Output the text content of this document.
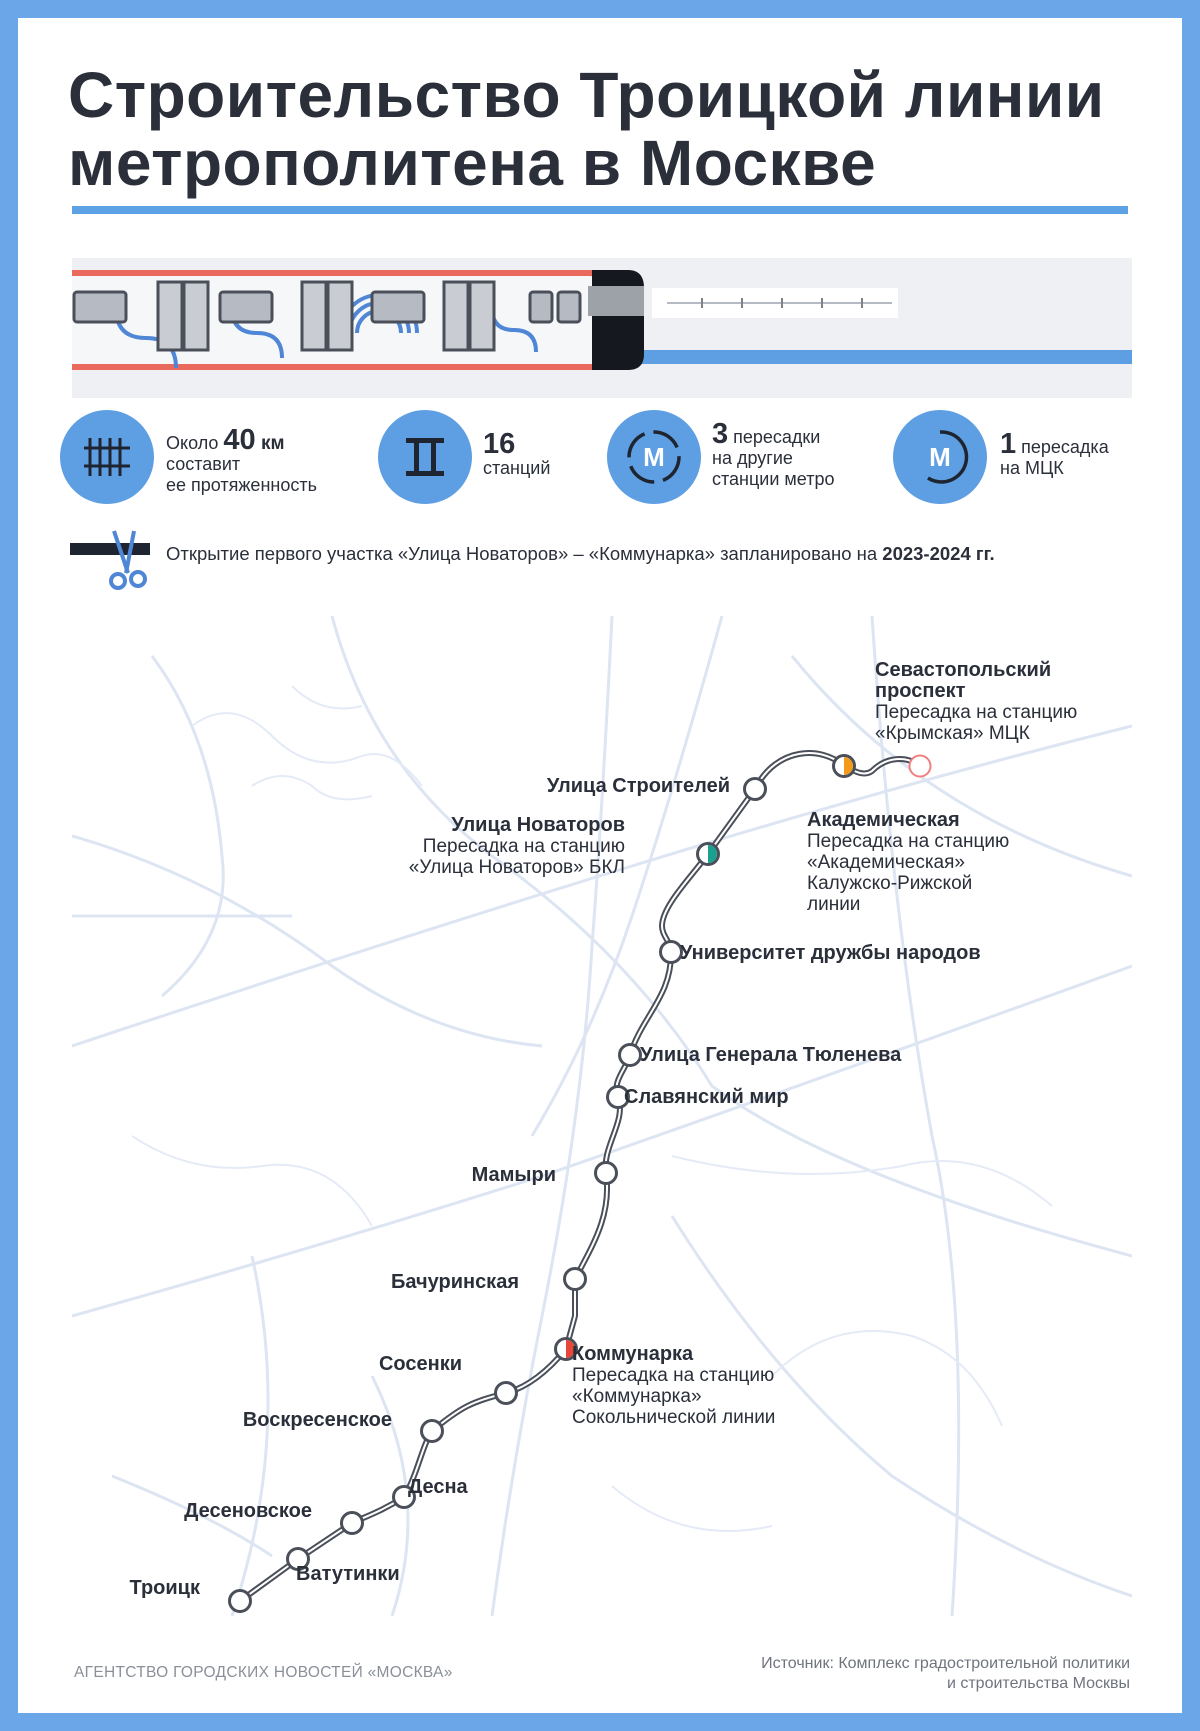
Строительство Троицкой линии
метрополитена в Москве
Около 40 км
составит
ее протяженность
16
станций	М
3 пересадки
на другие
станции метро
М 1 пересадка
на МЦК
Открытие первого участка «Улица Новаторов» – «Коммунарка» запланировано на 2023-2024 гг.
Севастопольский
проспект
Пересадка на станцию
«Крымская» МЦК
Академическая
Пересадка на станцию
«Академическая»
Калужско-Рижской
линии
Улица Строителей
Улица Новаторов
Пересадка на станцию
«Улица Новаторов» БКЛ
Университет дружбы народов
Улица Генерала Тюленева
Славянский мир
Мамыри
Бачуринская
Коммунарка
Пересадка на станцию
«Коммунарка»
Сокольнической линии
Сосенки
Воскресенское
Десна
Десеновское
Ватутинки
Троицк
АГЕНТСТВО ГОРОДСКИХ НОВОСТЕЙ «МОСКВА»
Источник: Комплекс градостроительной политики
и строительства Москвы
